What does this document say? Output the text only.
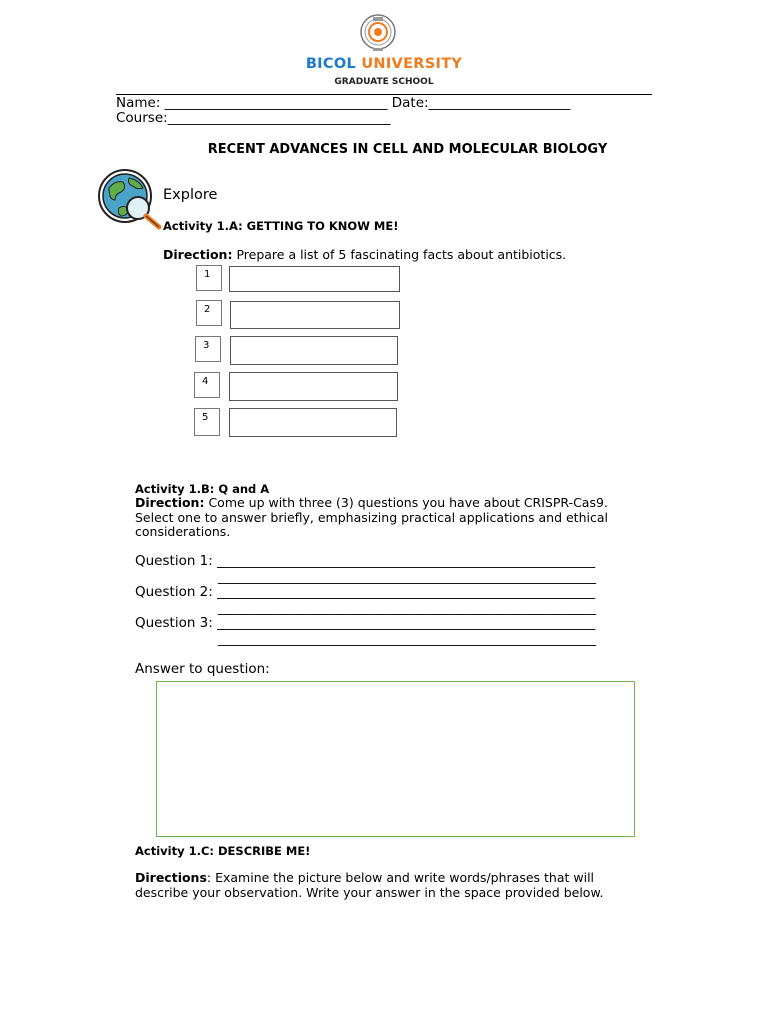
BICOL UNIVERSITY
GRADUATE SCHOOL
Name: _________________________________ Date:_____________________
Course:_________________________________
RECENT ADVANCES IN CELL AND MOLECULAR BIOLOGY
Explore
Activity 1.A: GETTING TO KNOW ME!
Direction: Prepare a list of 5 fascinating facts about antibiotics.
1
2
3
4
5
Activity 1.B: Q and A
Direction: Come up with three (3) questions you have about CRISPR-Cas9. Select one to answer briefly, emphasizing practical applications and ethical considerations.
Question 1: ________________________________________________________
________________________________________________________
Question 2: ________________________________________________________
________________________________________________________
Question 3: ________________________________________________________
________________________________________________________
Answer to question:
Activity 1.C: DESCRIBE ME!
Directions: Examine the picture below and write words/phrases that will describe your observation. Write your answer in the space provided below.
